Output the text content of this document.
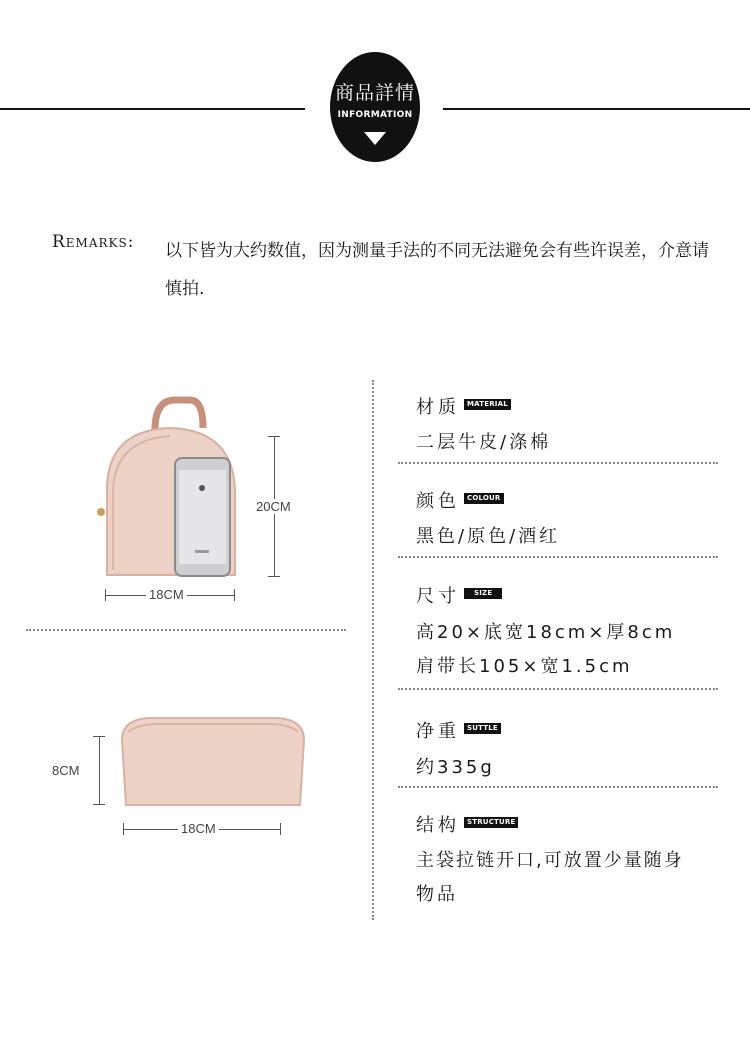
商品詳情
INFORMATION
Remarks: 以下皆为大约数值，因为测量手法的不同无法避免会有些许误差，介意请慎拍.
20CM
18CM
8CM
18CM
材质	MATERIAL
二层牛皮/涤棉
颜色	COLOUR
黑色/原色/酒红
尺寸	SIZE
高20×底宽18cm×厚8cm
肩带长105×宽1.5cm
净重	SUTTLE
约335g
结构	STRUCTURE
主袋拉链开口,可放置少量随身
物品
